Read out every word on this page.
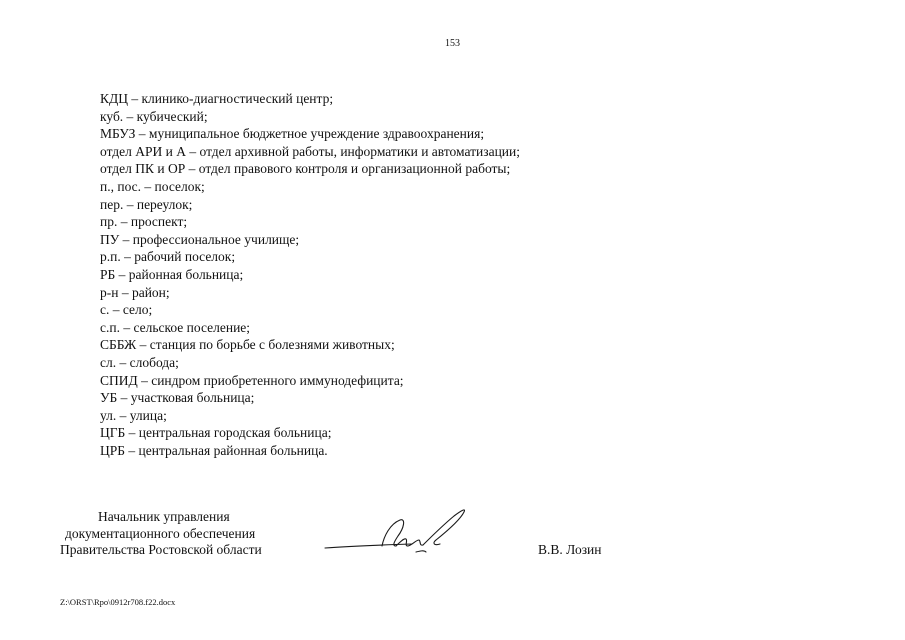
153
КДЦ – клинико-диагностический центр;
куб. – кубический;
МБУЗ – муниципальное бюджетное учреждение здравоохранения;
отдел АРИ и А – отдел архивной работы, информатики и автоматизации;
отдел ПК и ОР – отдел правового контроля и организационной работы;
п., пос. – поселок;
пер. – переулок;
пр. – проспект;
ПУ – профессиональное училище;
р.п. – рабочий поселок;
РБ – районная больница;
р-н – район;
с. – село;
с.п. – сельское поселение;
СББЖ – станция по борьбе с болезнями животных;
сл. – слобода;
СПИД – синдром приобретенного иммунодефицита;
УБ – участковая больница;
ул. – улица;
ЦГБ – центральная городская больница;
ЦРБ – центральная районная больница.
Начальник управления
документационного обеспечения
Правительства Ростовской области	В.В. Лозин
Z:\ORST\Rpo\0912r708.f22.docx
